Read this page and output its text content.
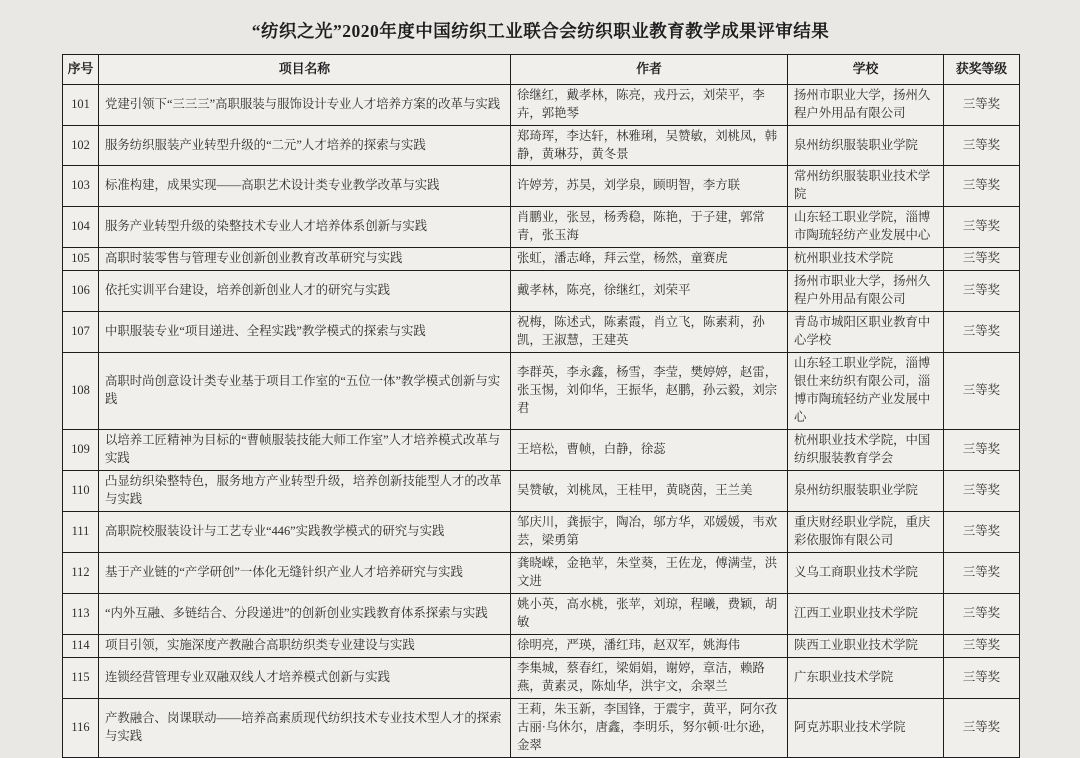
“纺织之光”2020年度中国纺织工业联合会纺织职业教育教学成果评审结果
序号	项目名称	作者	学校	获奖等级
101	党建引领下“三三三”高职服装与服饰设计专业人才培养方案的改革与实践	徐继红，戴孝林，陈亮，戎丹云，刘荣平，李卉，郭艳琴	扬州市职业大学，扬州久程户外用品有限公司	三等奖
102	服务纺织服装产业转型升级的“二元”人才培养的探索与实践	郑琦珲，李达轩，林雅琍，吴赞敏，刘桃凤，韩静，黄琳芬，黄冬景	泉州纺织服装职业学院	三等奖
103	标准构建，成果实现——高职艺术设计类专业教学改革与实践	许婷芳，苏昊，刘学泉，顾明智，李方联	常州纺织服装职业技术学院	三等奖
104	服务产业转型升级的染整技术专业人才培养体系创新与实践	肖鹏业，张昱，杨秀稳，陈艳，于子建，郭常青，张玉海	山东轻工职业学院，淄博市陶琉轻纺产业发展中心	三等奖
105	高职时装零售与管理专业创新创业教育改革研究与实践	张虹，潘志峰，拜云堂，杨然，童赛虎	杭州职业技术学院	三等奖
106	依托实训平台建设，培养创新创业人才的研究与实践	戴孝林，陈亮，徐继红，刘荣平	扬州市职业大学，扬州久程户外用品有限公司	三等奖
107	中职服装专业“项目递进、全程实践”教学模式的探索与实践	祝梅，陈述式，陈素霞，肖立飞，陈素莉，孙凯，王淑慧，王建英	青岛市城阳区职业教育中心学校	三等奖
108	高职时尚创意设计类专业基于项目工作室的“五位一体”教学模式创新与实践	李群英，李永鑫，杨雪，李莹，樊婷婷，赵雷，张玉惕，刘仰华，王振华，赵鹏，孙云毅，刘宗君	山东轻工职业学院，淄博银仕来纺织有限公司，淄博市陶琉轻纺产业发展中心	三等奖
109	以培养工匠精神为目标的“曹帧服装技能大师工作室”人才培养模式改革与实践	王培松，曹帧，白静，徐蕊	杭州职业技术学院，中国纺织服装教育学会	三等奖
110	凸显纺织染整特色，服务地方产业转型升级，培养创新技能型人才的改革与实践	吴赞敏，刘桃凤，王桂甲，黄晓茵，王兰美	泉州纺织服装职业学院	三等奖
111	高职院校服装设计与工艺专业“446”实践教学模式的研究与实践	邹庆川，龚振宇，陶冶，邬方华，邓媛媛，韦欢芸，梁勇第	重庆财经职业学院，重庆彩依服饰有限公司	三等奖
112	基于产业链的“产学研创”一体化无缝针织产业人才培养研究与实践	龚晓嵘，金艳苹，朱堂葵，王佐龙，傅满莹，洪文进	义乌工商职业技术学院	三等奖
113	“内外互融、多链结合、分段递进”的创新创业实践教育体系探索与实践	姚小英，高水桃，张苹，刘琼，程曦，费颖，胡敏	江西工业职业技术学院	三等奖
114	项目引领，实施深度产教融合高职纺织类专业建设与实践	徐明亮，严瑛，潘红玮，赵双军，姚海伟	陕西工业职业技术学院	三等奖
115	连锁经营管理专业双融双线人才培养模式创新与实践	李集城，蔡春红，梁娟娟，谢婷，章洁，赖路燕，黄素灵，陈灿华，洪宇文，余翠兰	广东职业技术学院	三等奖
116	产教融合、岗课联动——培养高素质现代纺织技术专业技术型人才的探索与实践	王莉，朱玉新，李国锋，于震宇，黄平，阿尔孜古丽·乌休尔，唐鑫，李明乐，努尔顿·吐尔逊，金翠	阿克苏职业技术学院	三等奖
